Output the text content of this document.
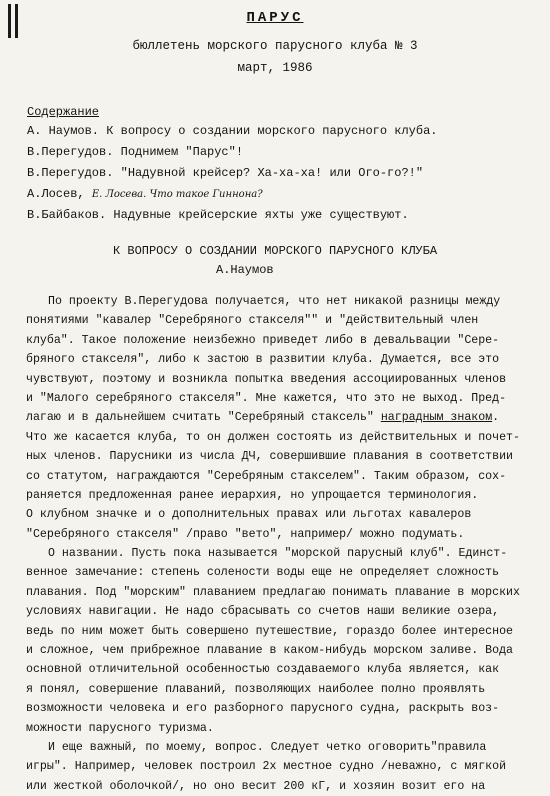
ПАРУС
бюллетень морского парусного клуба № 3
март, 1986
Содержание
А. Наумов. К вопросу о создании морского парусного клуба.
В.Перегудов. Поднимем "Парус"!
В.Перегудов. "Надувной крейсер? Ха-ха-ха! или Ого-го?!"
А.Лосев, Е. Лосева. Что такое Гиннона?
В.Байбаков. Надувные крейсерские яхты уже существуют.
К ВОПРОСУ О СОЗДАНИИ МОРСКОГО ПАРУСНОГО КЛУБА
А.Наумов
По проекту В.Перегудова получается, что нет никакой разницы между
понятиями "кавалер "Серебряного стакселя"" и "действительный член
клуба". Такое положение неизбежно приведет либо в девальвации "Сере-
бряного стакселя", либо к застою в развитии клуба. Думается, все это
чувствуют, поэтому и возникла попытка введения ассоциированных членов
и "Малого серебряного стакселя". Мне кажется, что это не выход. Пред-
лагаю и в дальнейшем считать "Серебряный стаксель" наградным знаком.
Что же касается клуба, то он должен состоять из действительных и почет-
ных членов. Парусники из числа ДЧ, совершившие плавания в соответствии
со статутом, награждаются "Серебряным стакселем". Таким образом, сох-
раняется предложенная ранее иерархия, но упрощается терминология.
О клубном значке и о дополнительных правах или льготах кавалеров
"Серебряного стакселя" /право "вето", например/ можно подумать.
О названии. Пусть пока называется "морской парусный клуб". Единст-
венное замечание: степень солености воды еще не определяет сложность
плавания. Под "морским" плаванием предлагаю понимать плавание в морских
условиях навигации. Не надо сбрасывать со счетов наши великие озера,
ведь по ним может быть совершено путешествие, гораздо более интересное
и сложное, чем прибрежное плавание в каком-нибудь морском заливе. Вода
основной отличительной особенностью создаваемого клуба является, как
я понял, совершение плаваний, позволяющих наиболее полно проявлять
возможности человека и его разборного парусного судна, раскрыть воз-
можности парусного туризма.
И еще важный, по моему, вопрос. Следует четко оговорить"правила
игры". Например, человек построил 2х местное судно /неважно, с мягкой
или жесткой оболочкой/, но оно весит 200 кГ, и хозяин возит его на
